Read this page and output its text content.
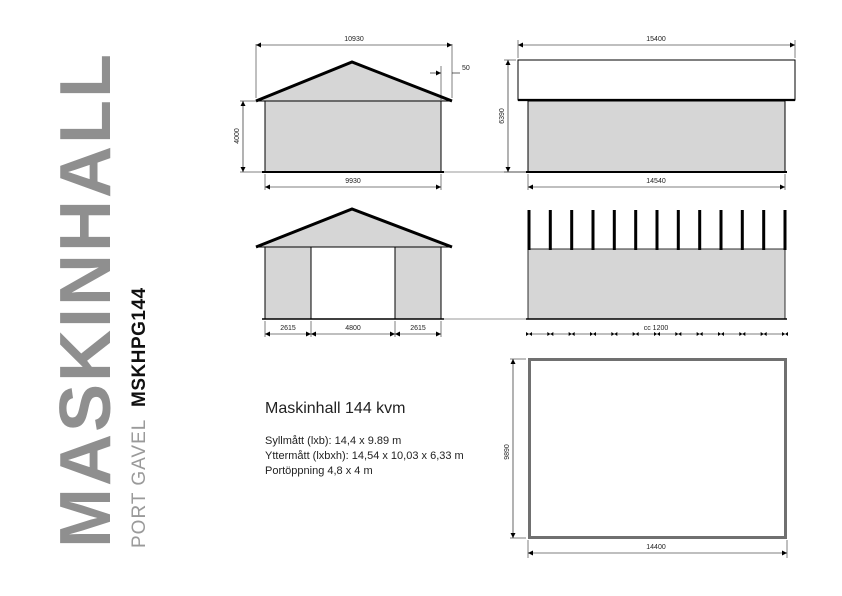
MASKINHALL PORT GAVEL
MSKHPG144
10930
50
4000
9930
15400
6390
14540
2615	4800	2615	cc 1200
9890
14400
Maskinhall 144 kvm
Syllmått (lxb): 14,4 x 9.89 m
Yttermått (lxbxh): 14,54 x 10,03 x 6,33 m
Portöppning 4,8 x 4 m
